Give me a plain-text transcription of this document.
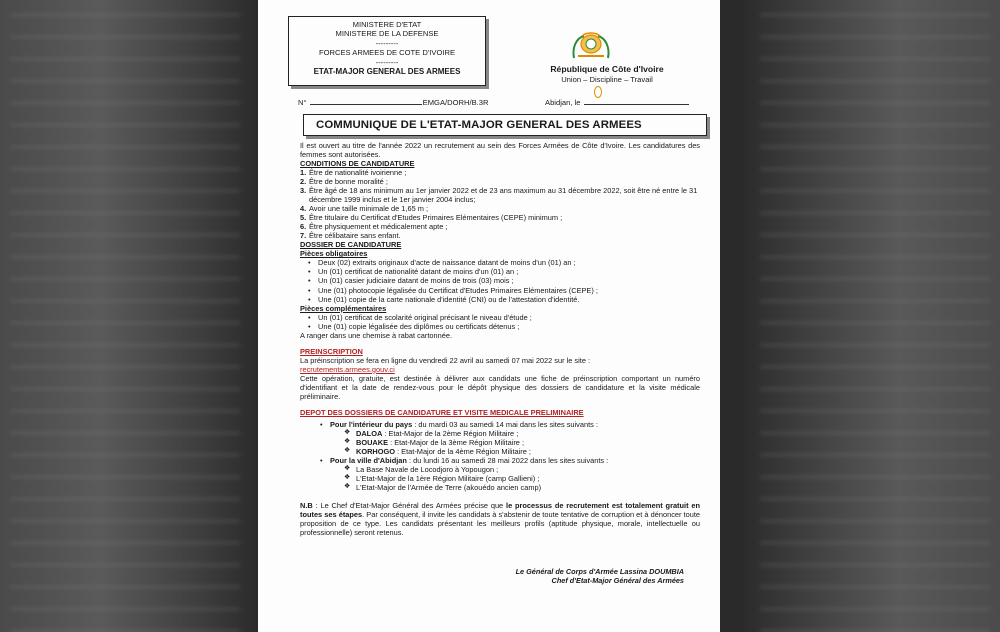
MINISTERE D'ETAT
MINISTERE DE LA DEFENSE
---------
FORCES ARMEES DE COTE D'IVOIRE
---------
ETAT-MAJOR GENERAL DES ARMEES	République de Côte d'Ivoire
Union – Discipline – Travail
N°	EMGA/DORH/B.3R	Abidjan, le
COMMUNIQUE DE L'ETAT-MAJOR GENERAL DES ARMEES
Il est ouvert au titre de l'année 2022 un recrutement au sein des Forces Armées de Côte d'Ivoire. Les candidatures des femmes sont autorisées.
CONDITIONS DE CANDIDATURE
1. Être de nationalité ivoirienne ;
2. Être de bonne moralité ;
3. Être âgé de 18 ans minimum au 1er janvier 2022 et de 23 ans maximum au 31 décembre 2022, soit être né entre le 31 décembre 1999 inclus et le 1er janvier 2004 inclus;
4. Avoir une taille minimale de 1,65 m ;
5. Être titulaire du Certificat d'Etudes Primaires Elémentaires (CEPE) minimum ;
6. Être physiquement et médicalement apte ;
7. Être célibataire sans enfant.
DOSSIER DE CANDIDATURE
Pièces obligatoires
• Deux (02) extraits originaux d'acte de naissance datant de moins d'un (01) an ;
• Un (01) certificat de nationalité datant de moins d'un (01) an ;
• Un (01) casier judiciaire datant de moins de trois (03) mois ;
• Une (01) photocopie légalisée du Certificat d'Etudes Primaires Elémentaires (CEPE) ;
• Une (01) copie de la carte nationale d'identité (CNI) ou de l'attestation d'identité.
Pièces complémentaires
• Un (01) certificat de scolarité original précisant le niveau d'étude ;
• Une (01) copie légalisée des diplômes ou certificats détenus ;
A ranger dans une chemise à rabat cartonnée.
PREINSCRIPTION
La préinscription se fera en ligne du vendredi 22 avril au samedi 07 mai 2022 sur le site :
recrutements.armees.gouv.ci
Cette opération, gratuite, est destinée à délivrer aux candidats une fiche de préinscription comportant un numéro d'identifiant et la date de rendez-vous pour le dépôt physique des dossiers de candidature et la visite médicale préliminaire.
DEPOT DES DOSSIERS DE CANDIDATURE ET VISITE MEDICALE PRELIMINAIRE
• Pour l'intérieur du pays : du mardi 03 au samedi 14 mai dans les sites suivants :
❖ DALOA : Etat-Major de la 2ème Région Militaire ;
❖ BOUAKE : Etat-Major de la 3ème Région Militaire ;
❖ KORHOGO : Etat-Major de la 4ème Région Militaire ;
• Pour la ville d'Abidjan : du lundi 16 au samedi 28 mai 2022 dans les sites suivants :
❖ La Base Navale de Locodjoro à Yopougon ;
❖ L'Etat-Major de la 1ère Région Militaire (camp Gallieni) ;
❖ L'Etat-Major de l'Armée de Terre (akouédo ancien camp)
N.B : Le Chef d'Etat-Major Général des Armées précise que le processus de recrutement est totalement gratuit en toutes ses étapes. Par conséquent, il invite les candidats à s'abstenir de toute tentative de corruption et à dénoncer toute proposition de ce type. Les candidats présentant les meilleurs profils (aptitude physique, morale, intellectuelle ou professionnelle) seront retenus.
Le Général de Corps d'Armée Lassina DOUMBIA
Chef d'Etat-Major Général des Armées
